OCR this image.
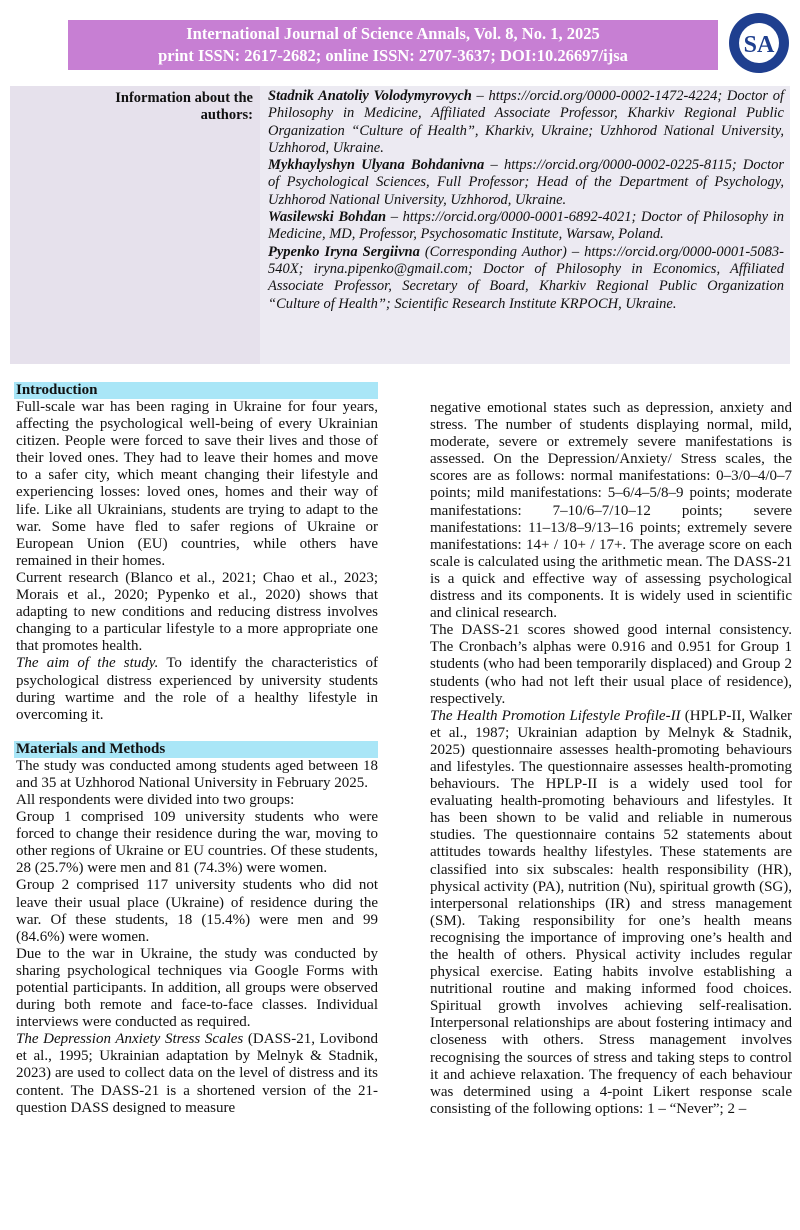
International Journal of Science Annals, Vol. 8, No. 1, 2025
print ISSN: 2617-2682; online ISSN: 2707-3637; DOI:10.26697/ijsa	SA
Information about the authors:

Stadnik Anatoliy Volodymyrovych – https://orcid.org/0000-0002-1472-4224; Doctor of Philosophy in Medicine, Affiliated Associate Professor, Kharkiv Regional Public Organization “Culture of Health”, Kharkiv, Ukraine; Uzhhorod National University, Uzhhorod, Ukraine.

Mykhaylyshyn Ulyana Bohdanivna – https://orcid.org/0000-0002-0225-8115; Doctor of Psychological Sciences, Full Professor; Head of the Department of Psychology, Uzhhorod National University, Uzhhorod, Ukraine.

Wasilewski Bohdan – https://orcid.org/0000-0001-6892-4021; Doctor of Philosophy in Medicine, MD, Professor, Psychosomatic Institute, Warsaw, Poland.

Pypenko Iryna Sergiivna (Corresponding Author) – https://orcid.org/0000-0001-5083-540X; iryna.pipenko@gmail.com; Doctor of Philosophy in Economics, Affiliated Associate Professor, Secretary of Board, Kharkiv Regional Public Organization “Culture of Health”; Scientific Research Institute KRPOCH, Ukraine.

Introduction

Full-scale war has been raging in Ukraine for four years, affecting the psychological well-being of every Ukrainian citizen. People were forced to save their lives and those of their loved ones. They had to leave their homes and move to a safer city, which meant changing their lifestyle and experiencing losses: loved ones, homes and their way of life. Like all Ukrainians, students are trying to adapt to the war. Some have fled to safer regions of Ukraine or European Union (EU) countries, while others have remained in their homes.

Current research (Blanco et al., 2021; Chao et al., 2023; Morais et al., 2020; Pypenko et al., 2020) shows that adapting to new conditions and reducing distress involves changing to a particular lifestyle to a more appropriate one that promotes health.

The aim of the study. To identify the characteristics of psychological distress experienced by university students during wartime and the role of a healthy lifestyle in overcoming it.

Materials and Methods

The study was conducted among students aged between 18 and 35 at Uzhhorod National University in February 2025.

All respondents were divided into two groups:

Group 1 comprised 109 university students who were forced to change their residence during the war, moving to other regions of Ukraine or EU countries. Of these students, 28 (25.7%) were men and 81 (74.3%) were women.

Group 2 comprised 117 university students who did not leave their usual place (Ukraine) of residence during the war. Of these students, 18 (15.4%) were men and 99 (84.6%) were women.

Due to the war in Ukraine, the study was conducted by sharing psychological techniques via Google Forms with potential participants. In addition, all groups were observed during both remote and face-to-face classes. Individual interviews were conducted as required.

The Depression Anxiety Stress Scales (DASS-21, Lovibond et al., 1995; Ukrainian adaptation by Melnyk & Stadnik, 2023) are used to collect data on the level of distress and its content. The DASS-21 is a shortened version of the 21-question DASS designed to measure

negative emotional states such as depression, anxiety and stress. The number of students displaying normal, mild, moderate, severe or extremely severe manifestations is assessed. On the Depression/Anxiety/ Stress scales, the scores are as follows: normal manifestations: 0–3/0–4/0–7 points; mild manifestations: 5–6/4–5/8–9 points; moderate manifestations: 7–10/6–7/10–12 points; severe manifestations: 11–13/8–9/13–16 points; extremely severe manifestations: 14+ / 10+ / 17+. The average score on each scale is calculated using the arithmetic mean. The DASS-21 is a quick and effective way of assessing psychological distress and its components. It is widely used in scientific and clinical research.

The DASS-21 scores showed good internal consistency. The Cronbach’s alphas were 0.916 and 0.951 for Group 1 students (who had been temporarily displaced) and Group 2 students (who had not left their usual place of residence), respectively.

The Health Promotion Lifestyle Profile-II (HPLP-II, Walker et al., 1987; Ukrainian adaption by Melnyk & Stadnik, 2025) questionnaire assesses health-promoting behaviours and lifestyles. The questionnaire assesses health-promoting behaviours. The HPLP-II is a widely used tool for evaluating health-promoting behaviours and lifestyles. It has been shown to be valid and reliable in numerous studies. The questionnaire contains 52 statements about attitudes towards healthy lifestyles. These statements are classified into six subscales: health responsibility (HR), physical activity (PA), nutrition (Nu), spiritual growth (SG), interpersonal relationships (IR) and stress management (SM). Taking responsibility for one’s health means recognising the importance of improving one’s health and the health of others. Physical activity includes regular physical exercise. Eating habits involve establishing a nutritional routine and making informed food choices. Spiritual growth involves achieving self-realisation. Interpersonal relationships are about fostering intimacy and closeness with others. Stress management involves recognising the sources of stress and taking steps to control it and achieve relaxation. The frequency of each behaviour was determined using a 4-point Likert response scale consisting of the following options: 1 – “Never”; 2 –
